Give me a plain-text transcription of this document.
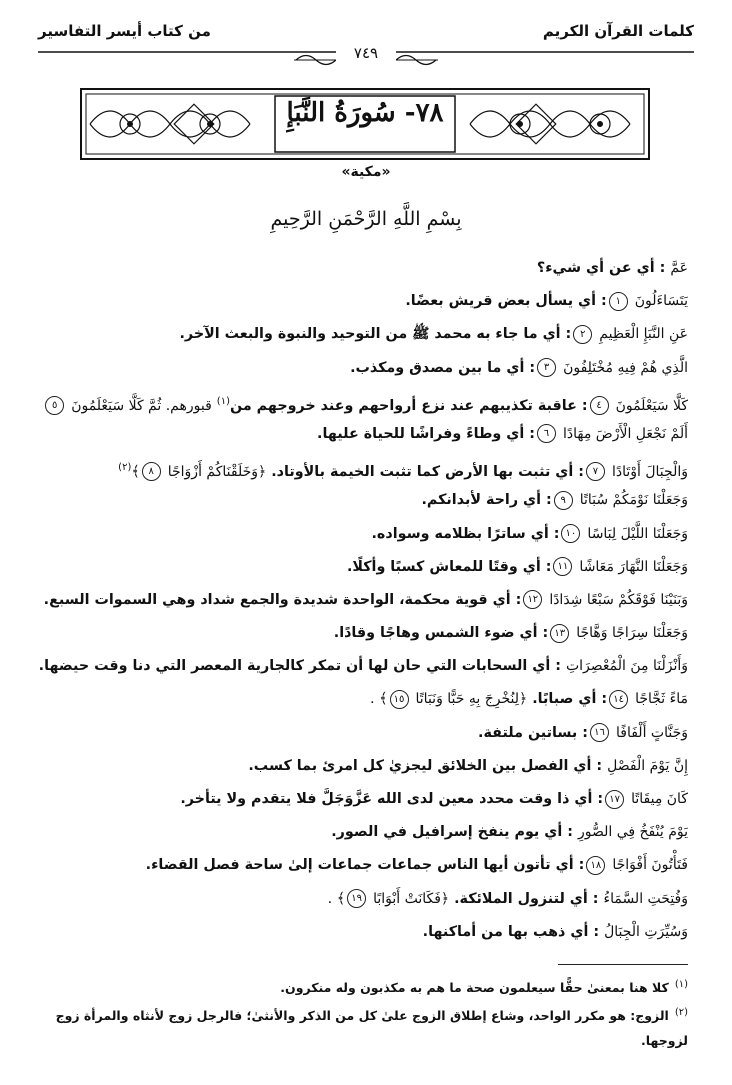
كلمات القرآن الكريم
من كتاب أيسر التفاسير
٧٤٩
٧٨- سُورَةُ النَّبَإِ
«مكية»
بِسْمِ اللَّهِ الرَّحْمَنِ الرَّحِيمِ
عَمَّ: أي عن أي شيء؟
يَتَسَاءَلُونَ١: أي يسأل بعض قريش بعضًا.
عَنِ النَّبَإِ الْعَظِيمِ٢: أي ما جاء به محمد ﷺ من التوحيد والنبوة والبعث الآخر.
الَّذِي هُمْ فِيهِ مُخْتَلِفُونَ٣: أي ما بين مصدق ومكذب.
كَلَّا سَيَعْلَمُونَ٤: عاقبة تكذيبهم عند نزع أرواحهم وعند خروجهم من$^{(١)}$ قبورهم. ثُمَّ كَلَّا سَيَعْلَمُونَ٥
أَلَمْ نَجْعَلِ الْأَرْضَ مِهَادًا٦: أي وطاءً وفراشًا للحياة عليها.
وَالْجِبَالَ أَوْتَادًا٧: أي تثبت بها الأرض كما تثبت الخيمة بالأوتاد. ﴿وَخَلَقْنَاكُمْ أَزْوَاجًا٨﴾$^{(٢)}$
وَجَعَلْنَا نَوْمَكُمْ سُبَاتًا٩: أي راحة لأبدانكم.
وَجَعَلْنَا اللَّيْلَ لِبَاسًا١٠: أي ساترًا بظلامه وسواده.
وَجَعَلْنَا النَّهَارَ مَعَاشًا١١: أي وقتًا للمعاش كسبًا وأكلًا.
وَبَنَيْنَا فَوْقَكُمْ سَبْعًا شِدَادًا١٢: أي قوية محكمة، الواحدة شديدة والجمع شداد وهي السموات السبع.
وَجَعَلْنَا سِرَاجًا وَهَّاجًا١٣: أي ضوء الشمس وهاجًا وقادًا.
وَأَنْزَلْنَا مِنَ الْمُعْصِرَاتِ: أي السحابات التي حان لها أن تمكر كالجارية المعصر التي دنا وقت حيضها.
مَاءً ثَجَّاجًا١٤: أي صبابًا. ﴿لِنُخْرِجَ بِهِ حَبًّا وَنَبَاتًا١٥﴾ .
وَجَنَّاتٍ أَلْفَافًا١٦: بساتين ملتفة.
إِنَّ يَوْمَ الْفَصْلِ: أي الفصل بين الخلائق ليجزيٰ كل امرئ بما كسب.
كَانَ مِيقَاتًا١٧: أي ذا وقت محدد معين لدى الله عَزَّوَجَلَّ فلا يتقدم ولا يتأخر.
يَوْمَ يُنْفَخُ فِي الصُّورِ: أي يوم ينفخ إسرافيل في الصور.
فَتَأْتُونَ أَفْوَاجًا١٨: أي تأتون أيها الناس جماعات جماعات إلىٰ ساحة فصل القضاء.
وَفُتِحَتِ السَّمَاءُ: أي لتنزول الملائكة. ﴿فَكَانَتْ أَبْوَابًا١٩﴾ .
وَسُيِّرَتِ الْجِبَالُ: أي ذهب بها من أماكنها.
$^{(١)}$كلا هنا بمعنىٰ حقًّا سيعلمون صحة ما هم به مكذبون وله منكرون.
$^{(٢)}$الزوج: هو مكرر الواحد، وشاع إطلاق الزوج علىٰ كل من الذكر والأنثىٰ؛ فالرجل زوج لأنثاه والمرأة زوج
لزوجها.
